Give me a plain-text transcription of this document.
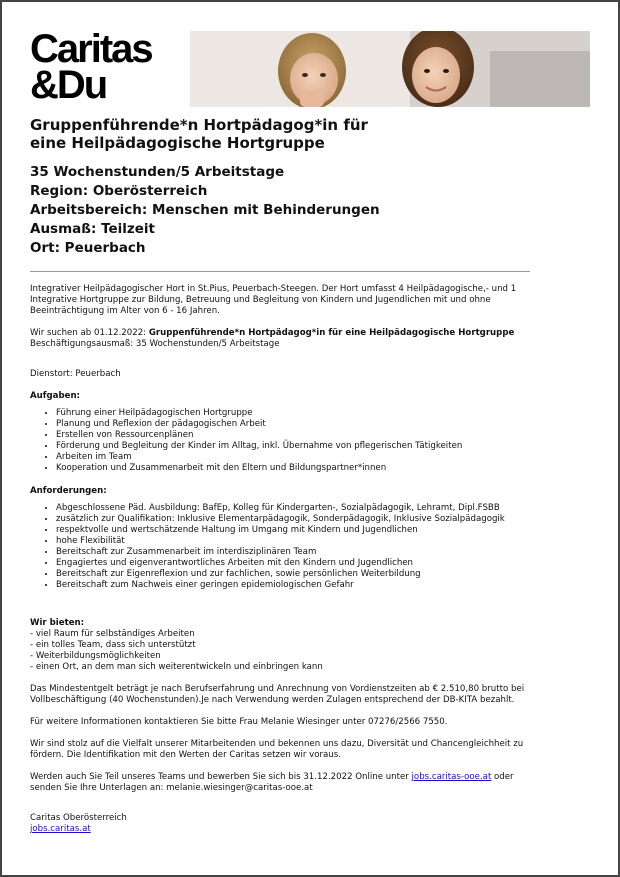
Caritas
&Du
Gruppenführende*n Hortpädagog*in für
eine Heilpädagogische Hortgruppe
35 Wochenstunden/5 Arbeitstage
Region: Oberösterreich
Arbeitsbereich: Menschen mit Behinderungen
Ausmaß: Teilzeit
Ort: Peuerbach

Integrativer Heilpädagogischer Hort in St.Pius, Peuerbach-Steegen. Der Hort umfasst 4 Heilpädagogische,- und 1 Integrative Hortgruppe zur Bildung, Betreuung und Begleitung von Kindern und Jugendlichen mit und ohne Beeinträchtigung im Alter von 6 - 16 Jahren.

Wir suchen ab 01.12.2022: Gruppenführende*n Hortpädagog*in für eine Heilpädagogische Hortgruppe
Beschäftigungsausmaß: 35 Wochenstunden/5 Arbeitstage

Dienstort: Peuerbach

Aufgaben:
• Führung einer Heilpädagogischen Hortgruppe
• Planung und Reflexion der pädagogischen Arbeit
• Erstellen von Ressourcenplänen
• Förderung und Begleitung der Kinder im Alltag, inkl. Übernahme von pflegerischen Tätigkeiten
• Arbeiten im Team
• Kooperation und Zusammenarbeit mit den Eltern und Bildungspartner*innen
Anforderungen:
• Abgeschlossene Päd. Ausbildung: BafEp, Kolleg für Kindergarten-, Sozialpädagogik, Lehramt, Dipl.FSBB
• zusätzlich zur Qualifikation: Inklusive Elementarpädagogik, Sonderpädagogik, Inklusive Sozialpädagogik
• respektvolle und wertschätzende Haltung im Umgang mit Kindern und Jugendlichen
• hohe Flexibilität
• Bereitschaft zur Zusammenarbeit im interdisziplinären Team
• Engagiertes und eigenverantwortliches Arbeiten mit den Kindern und Jugendlichen
• Bereitschaft zur Eigenreflexion und zur fachlichen, sowie persönlichen Weiterbildung
• Bereitschaft zum Nachweis einer geringen epidemiologischen Gefahr
Wir bieten:
- viel Raum für selbständiges Arbeiten
- ein tolles Team, dass sich unterstützt
- Weiterbildungsmöglichkeiten
- einen Ort, an dem man sich weiterentwickeln und einbringen kann

Das Mindestentgelt beträgt je nach Berufserfahrung und Anrechnung von Vordienstzeiten ab € 2.510,80 brutto bei Vollbeschäftigung (40 Wochenstunden).Je nach Verwendung werden Zulagen entsprechend der DB-KITA bezahlt.

Für weitere Informationen kontaktieren Sie bitte Frau Melanie Wiesinger unter 07276/2566 7550.

Wir sind stolz auf die Vielfalt unserer Mitarbeitenden und bekennen uns dazu, Diversität und Chancengleichheit zu fördern. Die Identifikation mit den Werten der Caritas setzen wir voraus.

Werden auch Sie Teil unseres Teams und bewerben Sie sich bis 31.12.2022 Online unter jobs.caritas-ooe.at oder senden Sie Ihre Unterlagen an: melanie.wiesinger@caritas-ooe.at

Caritas Oberösterreich
jobs.caritas.at
